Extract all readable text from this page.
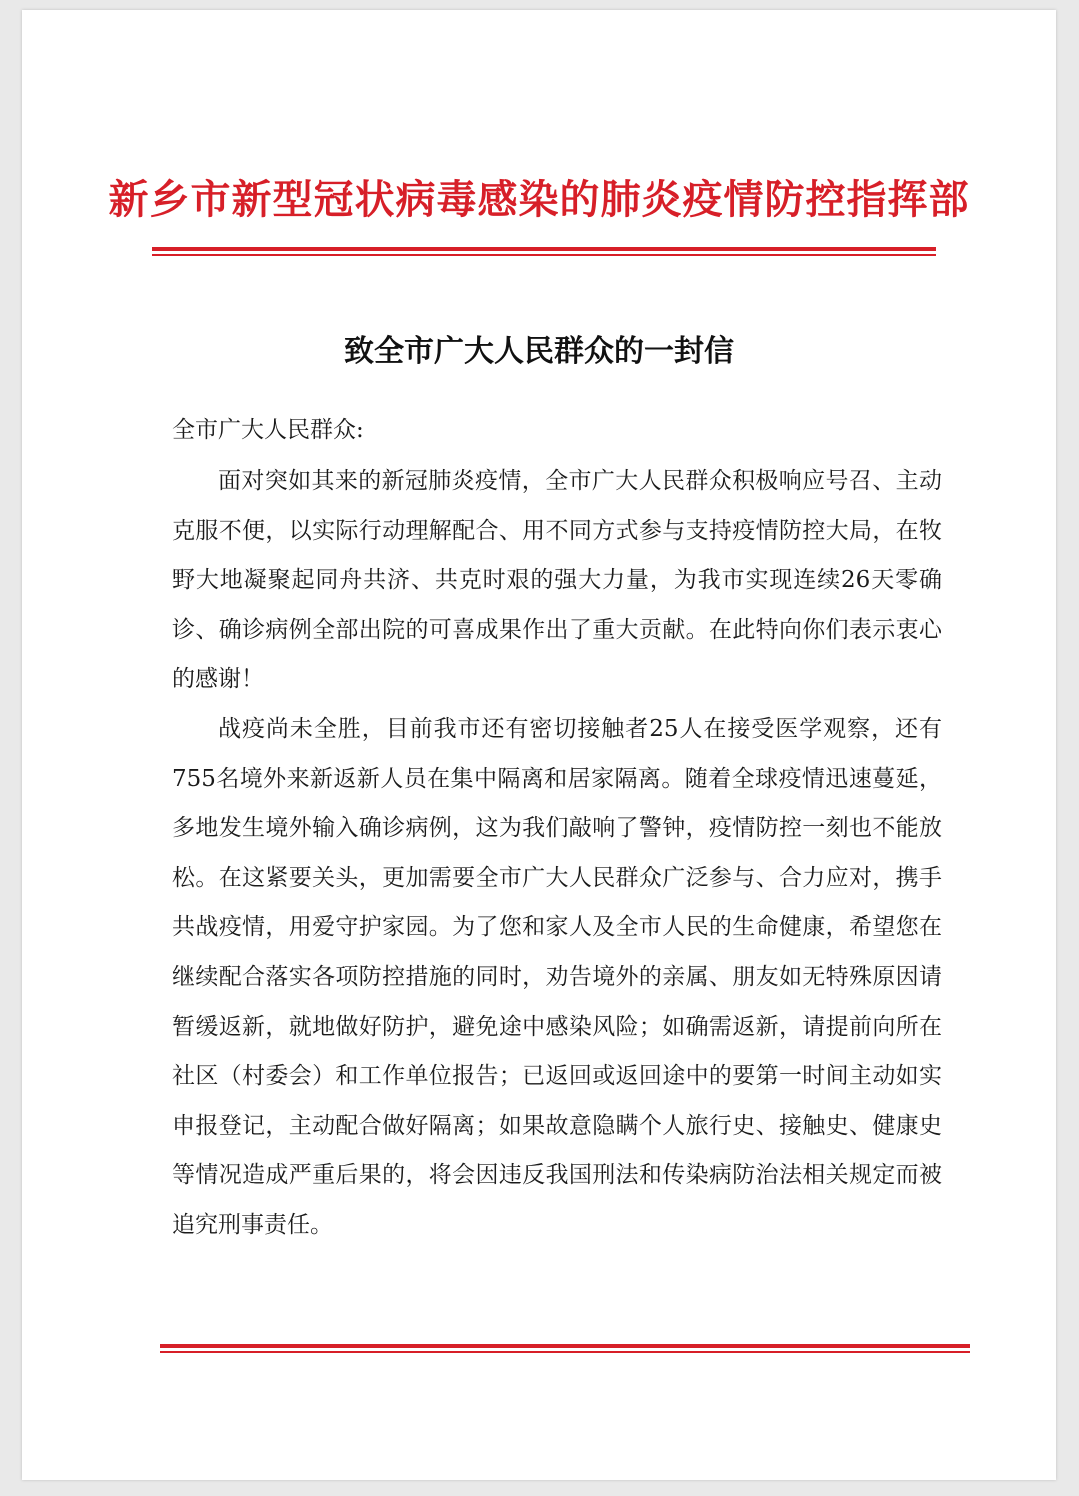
新乡市新型冠状病毒感染的肺炎疫情防控指挥部
致全市广大人民群众的一封信
全市广大人民群众:

面对突如其来的新冠肺炎疫情，全市广大人民群众积极响应号召、主动克服不便，以实际行动理解配合、用不同方式参与支持疫情防控大局，在牧野大地凝聚起同舟共济、共克时艰的强大力量，为我市实现连续26天零确诊、确诊病例全部出院的可喜成果作出了重大贡献。在此特向你们表示衷心的感谢！

战疫尚未全胜，目前我市还有密切接触者25人在接受医学观察，还有755名境外来新返新人员在集中隔离和居家隔离。随着全球疫情迅速蔓延，多地发生境外输入确诊病例，这为我们敲响了警钟，疫情防控一刻也不能放松。在这紧要关头，更加需要全市广大人民群众广泛参与、合力应对，携手共战疫情，用爱守护家园。为了您和家人及全市人民的生命健康，希望您在继续配合落实各项防控措施的同时，劝告境外的亲属、朋友如无特殊原因请暂缓返新，就地做好防护，避免途中感染风险；如确需返新，请提前向所在社区（村委会）和工作单位报告；已返回或返回途中的要第一时间主动如实申报登记，主动配合做好隔离；如果故意隐瞒个人旅行史、接触史、健康史等情况造成严重后果的，将会因违反我国刑法和传染病防治法相关规定而被追究刑事责任。
